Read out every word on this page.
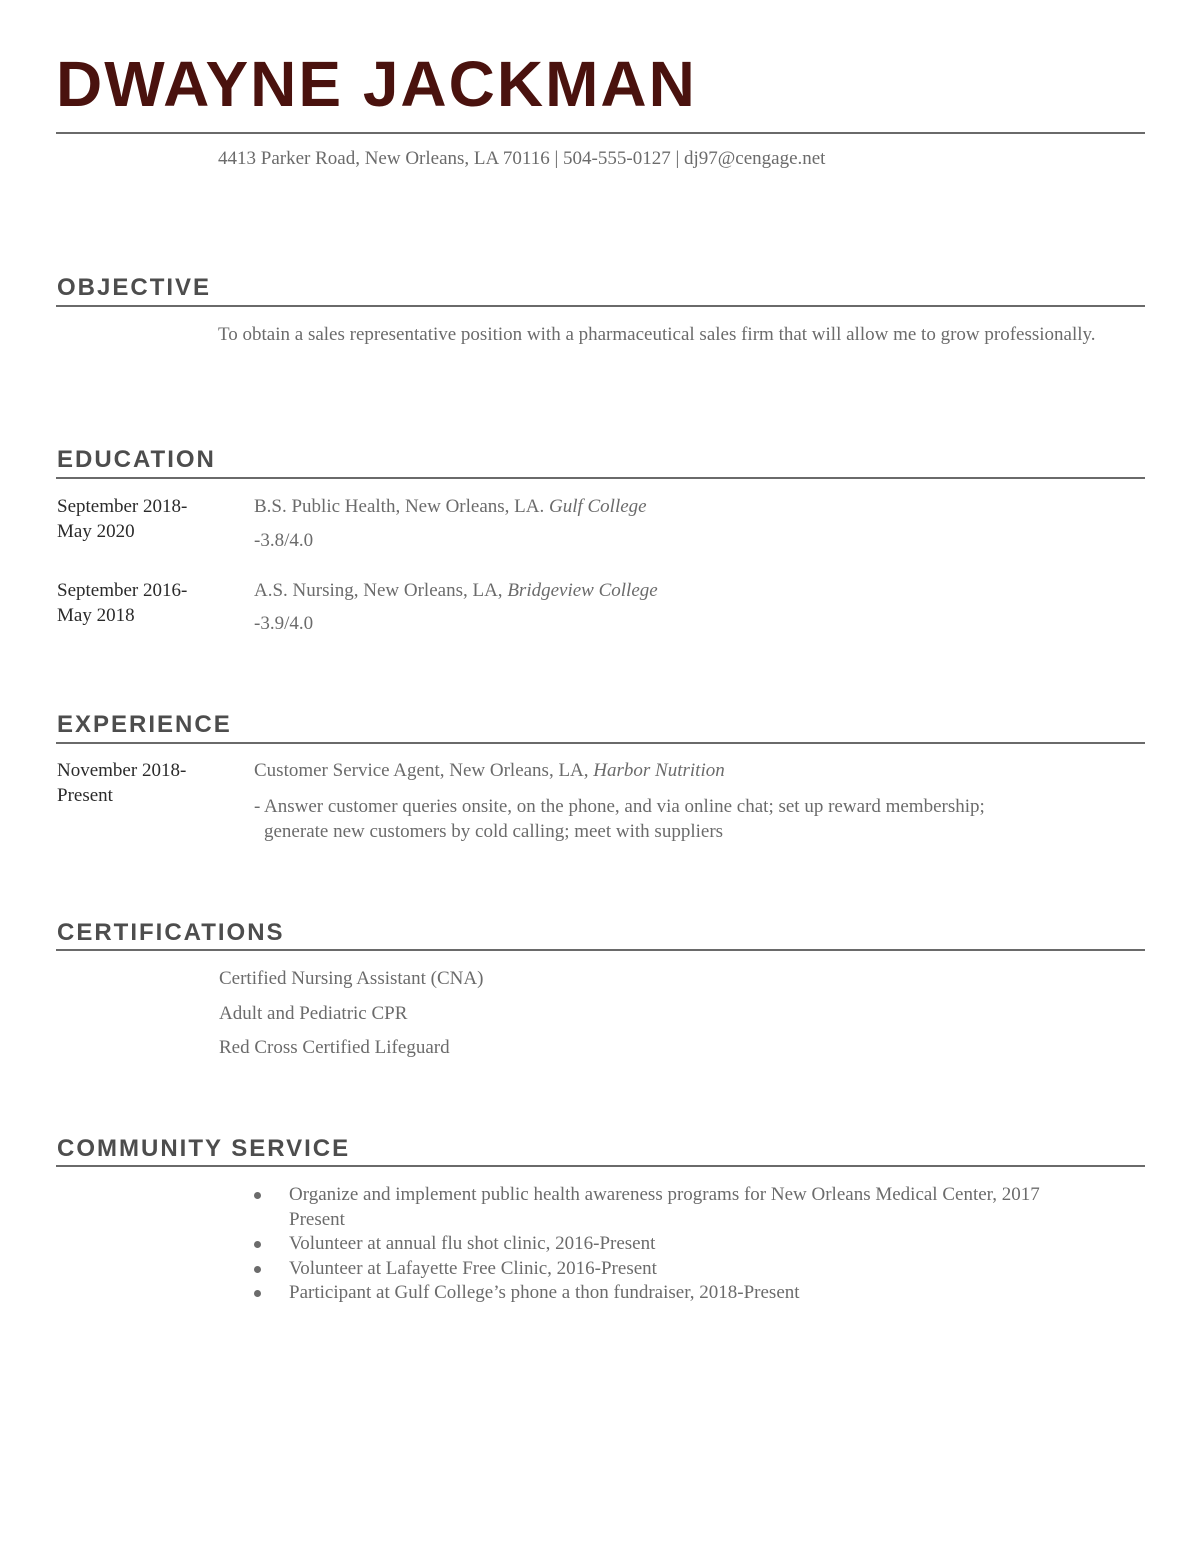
DWAYNE JACKMAN
4413 Parker Road, New Orleans, LA 70116 | 504-555-0127 | dj97@cengage.net
OBJECTIVE

To obtain a sales representative position with a pharmaceutical sales firm that will allow me to grow professionally.

EDUCATION
September 2018-
May 2020

B.S. Public Health, New Orleans, LA. Gulf College

-3.8/4.0

September 2016-
May 2018

A.S. Nursing, New Orleans, LA, Bridgeview College

-3.9/4.0

EXPERIENCE
November 2018-
Present

Customer Service Agent, New Orleans, LA, Harbor Nutrition

- Answer customer queries onsite, on the phone, and via online chat; set up reward membership;

generate new customers by cold calling; meet with suppliers

CERTIFICATIONS

Certified Nursing Assistant (CNA)

Adult and Pediatric CPR

Red Cross Certified Lifeguard

COMMUNITY SERVICE
Organize and implement public health awareness programs for New Orleans Medical Center, 2017 Present
Volunteer at annual flu shot clinic, 2016-Present
Volunteer at Lafayette Free Clinic, 2016-Present
Participant at Gulf College’s phone a thon fundraiser, 2018-Present
